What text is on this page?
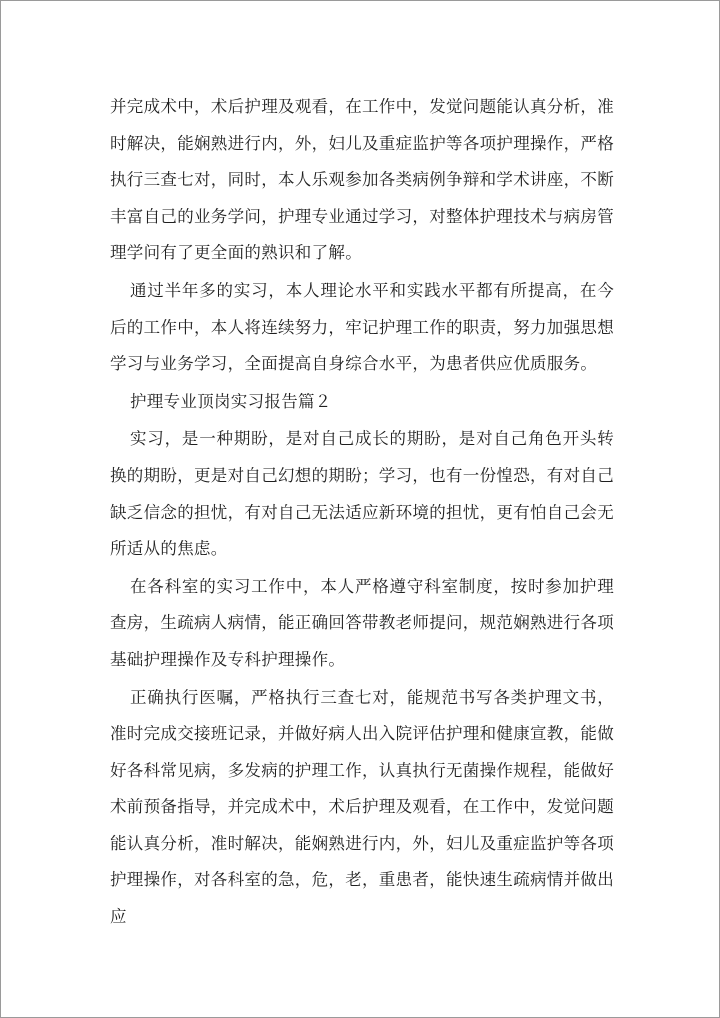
并完成术中，术后护理及观看，在工作中，发觉问题能认真分析，准时解决，能娴熟进行内，外，妇儿及重症监护等各项护理操作，严格执行三查七对，同时，本人乐观参加各类病例争辩和学术讲座，不断丰富自己的业务学问，护理专业通过学习，对整体护理技术与病房管理学问有了更全面的熟识和了解。

通过半年多的实习，本人理论水平和实践水平都有所提高，在今后的工作中，本人将连续努力，牢记护理工作的职责，努力加强思想学习与业务学习，全面提高自身综合水平，为患者供应优质服务。

护理专业顶岗实习报告篇２

实习，是一种期盼，是对自己成长的期盼，是对自己角色开头转换的期盼，更是对自己幻想的期盼；学习，也有一份惶恐，有对自己缺乏信念的担忧，有对自己无法适应新环境的担忧，更有怕自己会无所适从的焦虑。

在各科室的实习工作中，本人严格遵守科室制度，按时参加护理查房，生疏病人病情，能正确回答带教老师提问，规范娴熟进行各项基础护理操作及专科护理操作。

正确执行医嘱，严格执行三查七对，能规范书写各类护理文书，准时完成交接班记录，并做好病人出入院评估护理和健康宣教，能做好各科常见病，多发病的护理工作，认真执行无菌操作规程，能做好术前预备指导，并完成术中，术后护理及观看，在工作中，发觉问题能认真分析，准时解决，能娴熟进行内，外，妇儿及重症监护等各项护理操作，对各科室的急，危，老，重患者，能快速生疏病情并做出应
